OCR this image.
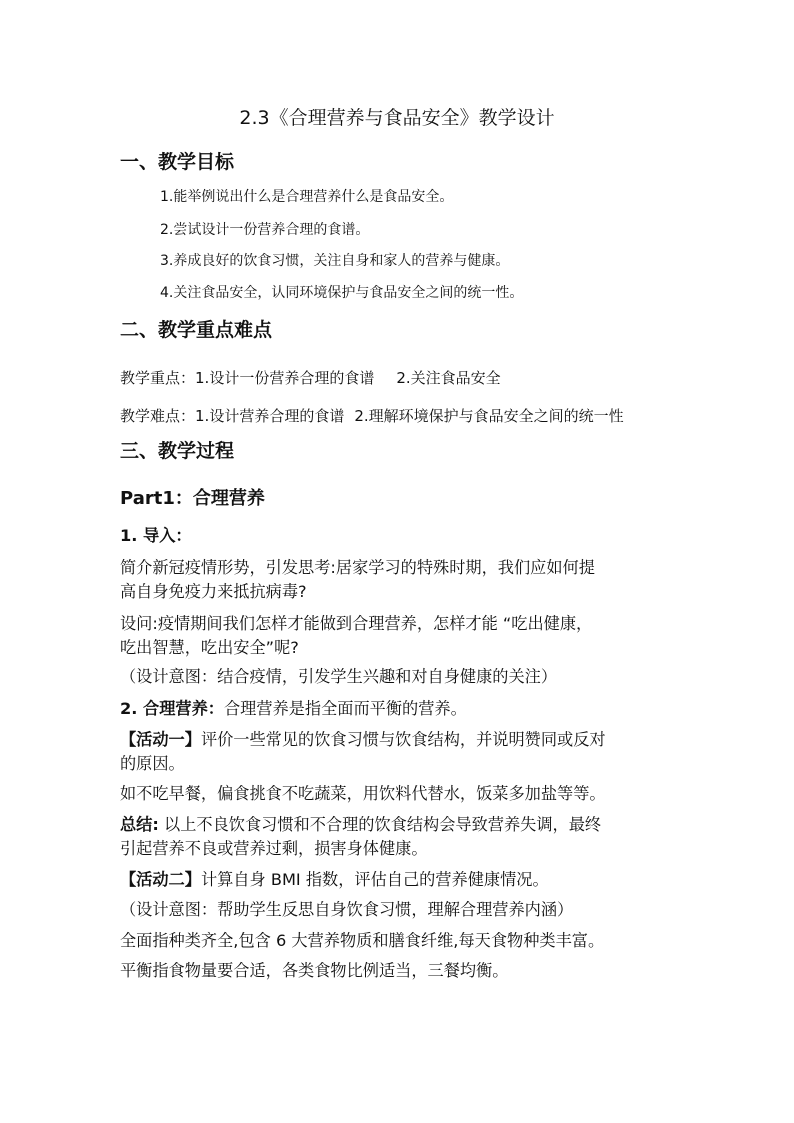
2.3《合理营养与食品安全》教学设计
一、教学目标
1.能举例说出什么是合理营养什么是食品安全。
2.尝试设计一份营养合理的食谱。
3.养成良好的饮食习惯，关注自身和家人的营养与健康。
4.关注食品安全，认同环境保护与食品安全之间的统一性。
二、教学重点难点
教学重点：1.设计一份营养合理的食谱 2.关注食品安全
教学难点：1.设计营养合理的食谱 2.理解环境保护与食品安全之间的统一性
三、教学过程
Part1：合理营养
1. 导入：
简介新冠疫情形势，引发思考:居家学习的特殊时期，我们应如何提
高自身免疫力来抵抗病毒?
设问:疫情期间我们怎样才能做到合理营养，怎样才能 “吃出健康，
吃出智慧，吃出安全”呢?
（设计意图：结合疫情，引发学生兴趣和对自身健康的关注）
2. 合理营养：合理营养是指全面而平衡的营养。
【活动一】评价一些常见的饮食习惯与饮食结构，并说明赞同或反对
的原因。
如不吃早餐，偏食挑食不吃蔬菜，用饮料代替水，饭菜多加盐等等。
总结: 以上不良饮食习惯和不合理的饮食结构会导致营养失调，最终
引起营养不良或营养过剩，损害身体健康。
【活动二】计算自身 BMI 指数，评估自己的营养健康情况。
（设计意图：帮助学生反思自身饮食习惯，理解合理营养内涵）
全面指种类齐全,包含 6 大营养物质和膳食纤维,每天食物种类丰富。
平衡指食物量要合适，各类食物比例适当，三餐均衡。
